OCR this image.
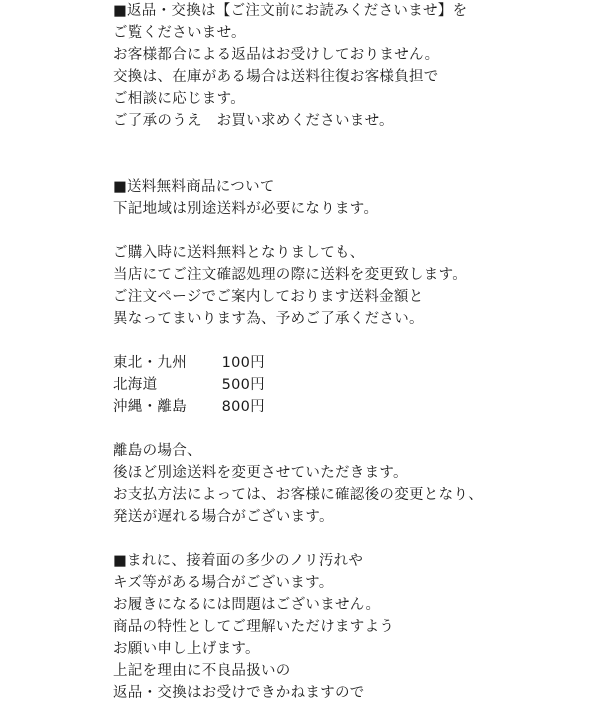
■返品・交換は【ご注文前にお読みくださいませ】を
ご覧くださいませ。
お客様都合による返品はお受けしておりません。
交換は、在庫がある場合は送料往復お客様負担で
ご相談に応じます。
ご了承のうえ　お買い求めくださいませ。
■送料無料商品について
下記地域は別途送料が必要になります。
ご購入時に送料無料となりましても、
当店にてご注文確認処理の際に送料を変更致します。
ご注文ページでご案内しております送料金額と
異なってまいります為、予めご了承ください。
東北・九州	100円
北海道	500円
沖縄・離島	800円
離島の場合、
後ほど別途送料を変更させていただきます。
お支払方法によっては、お客様に確認後の変更となり、
発送が遅れる場合がございます。
■まれに、接着面の多少のノリ汚れや
キズ等がある場合がございます。
お履きになるには問題はございません。
商品の特性としてご理解いただけますよう
お願い申し上げます。
上記を理由に不良品扱いの
返品・交換はお受けできかねますので
